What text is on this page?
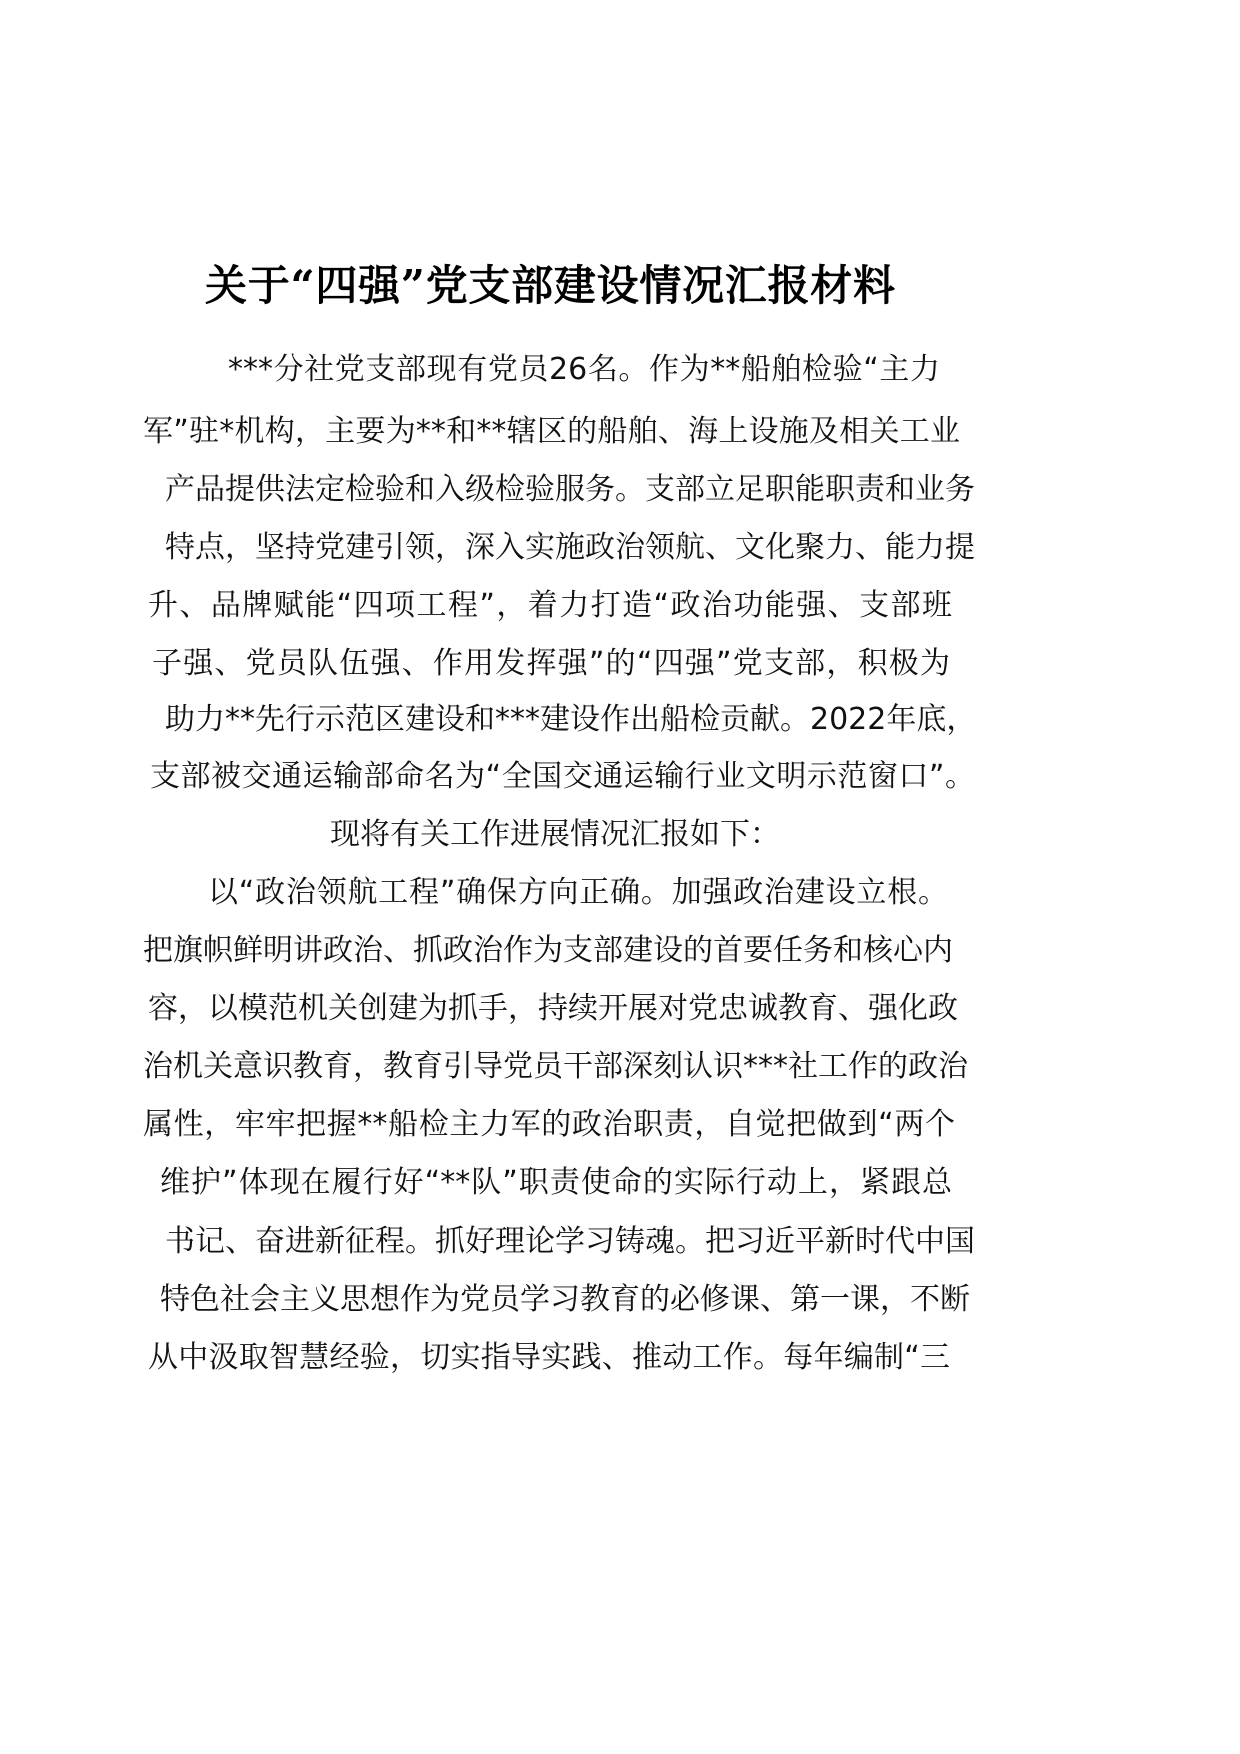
关于“四强”党支部建设情况汇报材料
***分社党支部现有党员26名。作为**船舶检验“主力
军”驻*机构，主要为**和**辖区的船舶、海上设施及相关工业
产品提供法定检验和入级检验服务。支部立足职能职责和业务
特点，坚持党建引领，深入实施政治领航、文化聚力、能力提
升、品牌赋能“四项工程”，着力打造“政治功能强、支部班
子强、党员队伍强、作用发挥强”的“四强”党支部，积极为
助力**先行示范区建设和***建设作出船检贡献。2022年底，
支部被交通运输部命名为“全国交通运输行业文明示范窗口”。
现将有关工作进展情况汇报如下：
以“政治领航工程”确保方向正确。加强政治建设立根。
把旗帜鲜明讲政治、抓政治作为支部建设的首要任务和核心内
容，以模范机关创建为抓手，持续开展对党忠诚教育、强化政
治机关意识教育，教育引导党员干部深刻认识***社工作的政治
属性，牢牢把握**船检主力军的政治职责，自觉把做到“两个
维护”体现在履行好“**队”职责使命的实际行动上，紧跟总
书记、奋进新征程。抓好理论学习铸魂。把习近平新时代中国
特色社会主义思想作为党员学习教育的必修课、第一课，不断
从中汲取智慧经验，切实指导实践、推动工作。每年编制“三
